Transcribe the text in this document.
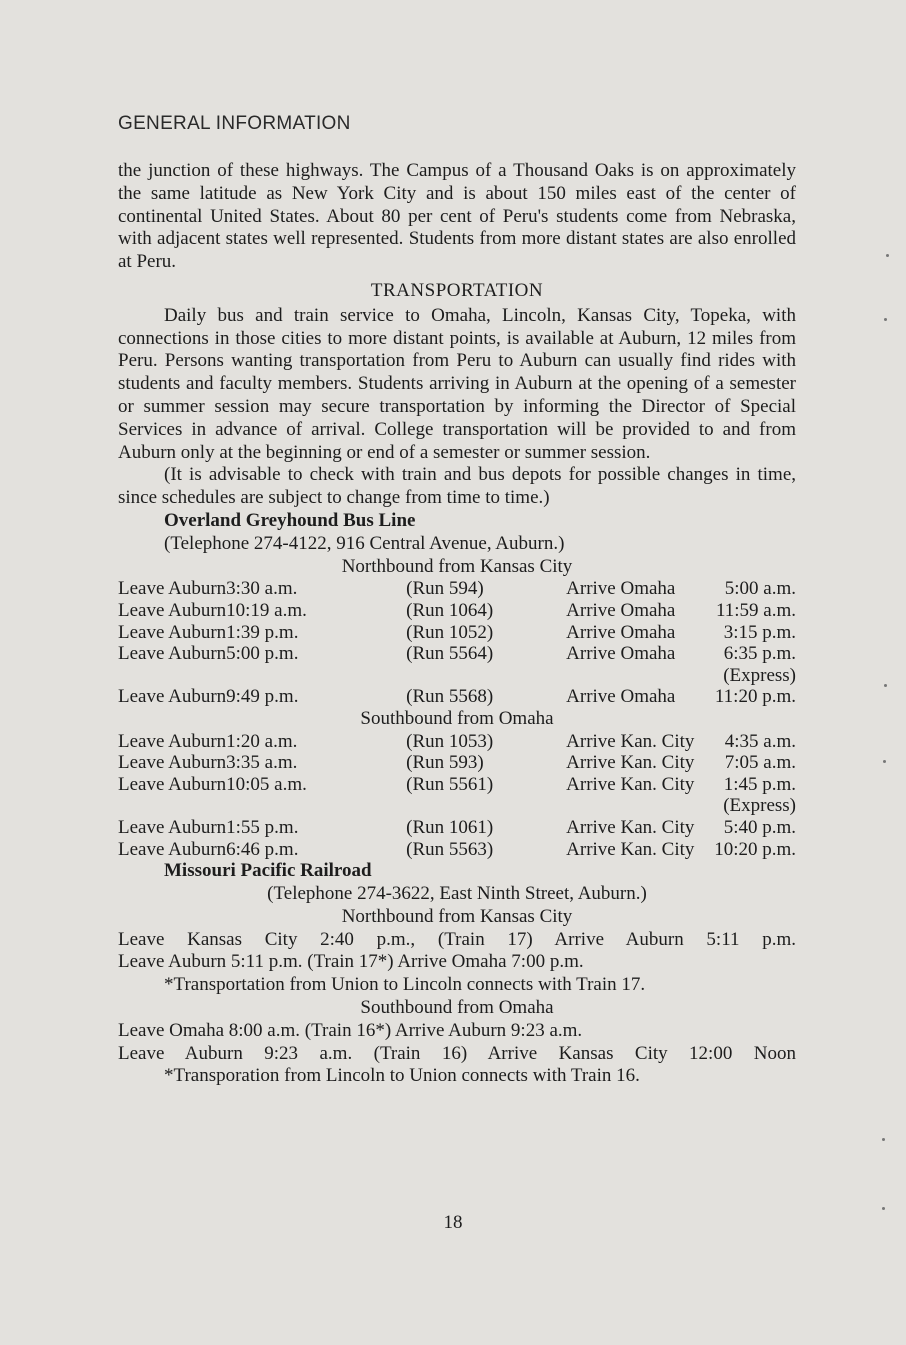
GENERAL INFORMATION

the junction of these highways. The Campus of a Thousand Oaks is on approximately the same latitude as New York City and is about 150 miles east of the center of continental United States. About 80 per cent of Peru's students come from Nebraska, with adjacent states well represented. Students from more distant states are also enrolled at Peru.

TRANSPORTATION

Daily bus and train service to Omaha, Lincoln, Kansas City, Topeka, with connections in those cities to more distant points, is available at Auburn, 12 miles from Peru. Persons wanting transportation from Peru to Auburn can usually find rides with students and faculty members. Students arriving in Auburn at the opening of a semester or summer session may secure transportation by informing the Director of Special Services in advance of arrival. College transportation will be provided to and from Auburn only at the beginning or end of a semester or summer session.

(It is advisable to check with train and bus depots for possible changes in time, since schedules are subject to change from time to time.)

Overland Greyhound Bus Line
(Telephone 274-4122, 916 Central Avenue, Auburn.)
Northbound from Kansas City
Leave Auburn	3:30 a.m.	(Run 594)	Arrive Omaha	5:00 a.m.
Leave Auburn	10:19 a.m.	(Run 1064)	Arrive Omaha	11:59 a.m.
Leave Auburn	1:39 p.m.	(Run 1052)	Arrive Omaha	3:15 p.m.
Leave Auburn	5:00 p.m.	(Run 5564)	Arrive Omaha	6:35 p.m.
(Express)				
Leave Auburn	9:49 p.m.	(Run 5568)	Arrive Omaha	11:20 p.m.
Southbound from Omaha
Leave Auburn	1:20 a.m.	(Run 1053)	Arrive Kan. City	4:35 a.m.
Leave Auburn	3:35 a.m.	(Run 593)	Arrive Kan. City	7:05 a.m.
Leave Auburn	10:05 a.m.	(Run 5561)	Arrive Kan. City	1:45 p.m.
(Express)				
Leave Auburn	1:55 p.m.	(Run 1061)	Arrive Kan. City	5:40 p.m.
Leave Auburn	6:46 p.m.	(Run 5563)	Arrive Kan. City	10:20 p.m.
Missouri Pacific Railroad
(Telephone 274-3622, East Ninth Street, Auburn.)
Northbound from Kansas City
Leave Kansas City 2:40 p.m., (Train 17) Arrive Auburn 5:11 p.m.
Leave Auburn 5:11 p.m. (Train 17*) Arrive Omaha 7:00 p.m.
*Transportation from Union to Lincoln connects with Train 17.
Southbound from Omaha
Leave Omaha 8:00 a.m. (Train 16*) Arrive Auburn 9:23 a.m.
Leave Auburn 9:23 a.m. (Train 16) Arrive Kansas City 12:00 Noon
*Transporation from Lincoln to Union connects with Train 16.
18
